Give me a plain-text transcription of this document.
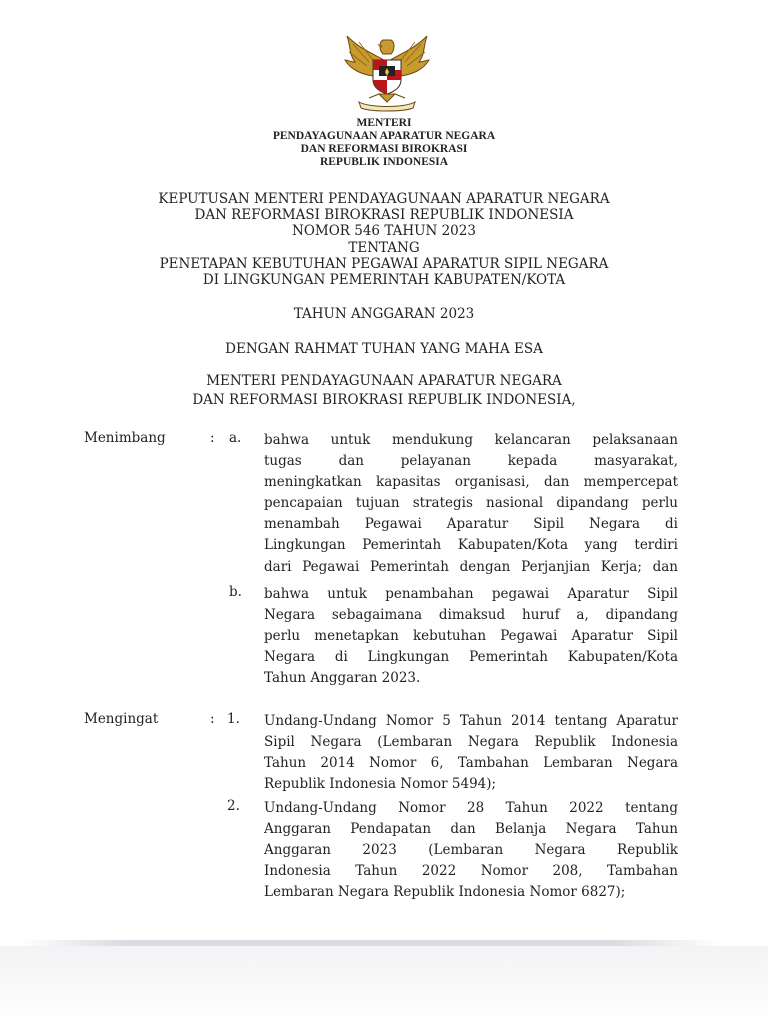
MENTERI
PENDAYAGUNAAN APARATUR NEGARA
DAN REFORMASI BIROKRASI
REPUBLIK INDONESIA
KEPUTUSAN MENTERI PENDAYAGUNAAN APARATUR NEGARA
DAN REFORMASI BIROKRASI REPUBLIK INDONESIA
NOMOR 546 TAHUN 2023
TENTANG
PENETAPAN KEBUTUHAN PEGAWAI APARATUR SIPIL NEGARA
DI LINGKUNGAN PEMERINTAH KABUPATEN/KOTA
TAHUN ANGGARAN 2023
DENGAN RAHMAT TUHAN YANG MAHA ESA
MENTERI PENDAYAGUNAAN APARATUR NEGARA
DAN REFORMASI BIROKRASI REPUBLIK INDONESIA,
Menimbang	: a. bahwa untuk mendukung kelancaran pelaksanaan
tugas dan pelayanan kepada masyarakat,
meningkatkan kapasitas organisasi, dan mempercepat
pencapaian tujuan strategis nasional dipandang perlu
menambah Pegawai Aparatur Sipil Negara di
Lingkungan Pemerintah Kabupaten/Kota yang terdiri
dari Pegawai Pemerintah dengan Perjanjian Kerja; dan
b. bahwa untuk penambahan pegawai Aparatur Sipil
Negara sebagaimana dimaksud huruf a, dipandang
perlu menetapkan kebutuhan Pegawai Aparatur Sipil
Negara di Lingkungan Pemerintah Kabupaten/Kota
Tahun Anggaran 2023.
Mengingat	: 1. Undang-Undang Nomor 5 Tahun 2014 tentang Aparatur
Sipil Negara (Lembaran Negara Republik Indonesia
Tahun 2014 Nomor 6, Tambahan Lembaran Negara
Republik Indonesia Nomor 5494);
2. Undang-Undang Nomor 28 Tahun 2022 tentang
Anggaran Pendapatan dan Belanja Negara Tahun
Anggaran 2023 (Lembaran Negara Republik
Indonesia Tahun 2022 Nomor 208, Tambahan
Lembaran Negara Republik Indonesia Nomor 6827);
